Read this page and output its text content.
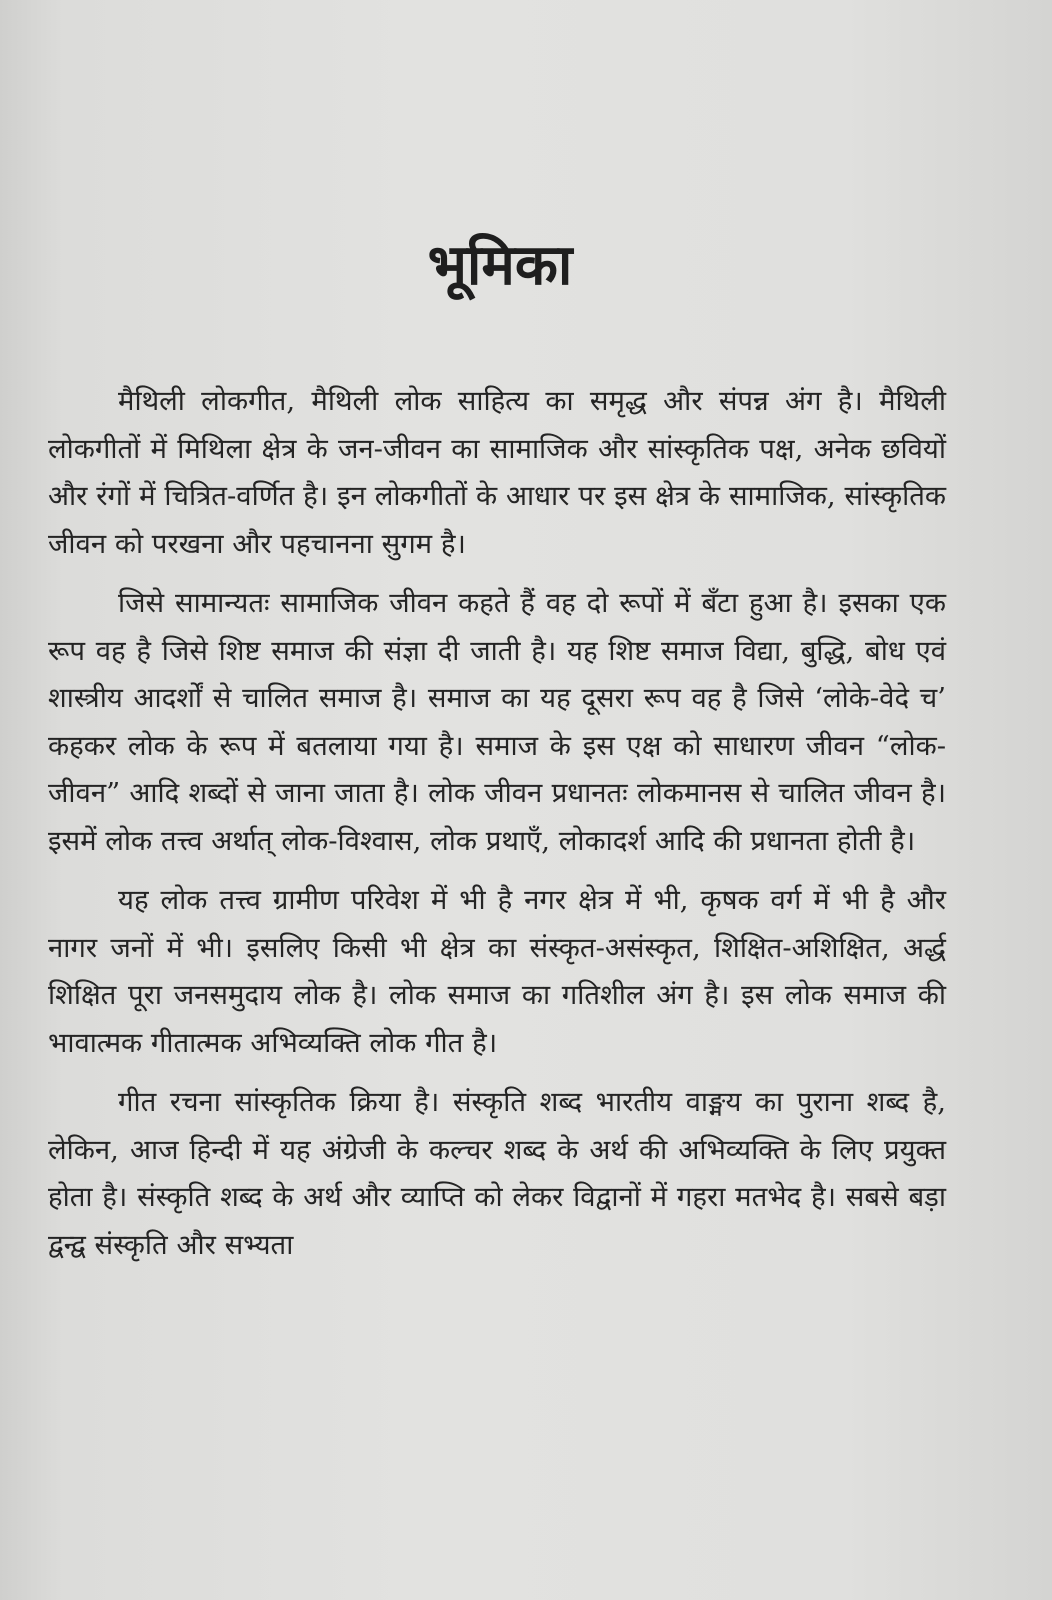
भूमिका

मैथिली लोकगीत, मैथिली लोक साहित्य का समृद्ध और संपन्न अंग है। मैथिली लोकगीतों में मिथिला क्षेत्र के जन-जीवन का सामाजिक और सांस्कृतिक पक्ष, अनेक छवियों और रंगों में चित्रित-वर्णित है। इन लोकगीतों के आधार पर इस क्षेत्र के सामाजिक, सांस्कृतिक जीवन को परखना और पहचानना सुगम है।

जिसे सामान्यतः सामाजिक जीवन कहते हैं वह दो रूपों में बँटा हुआ है। इसका एक रूप वह है जिसे शिष्ट समाज की संज्ञा दी जाती है। यह शिष्ट समाज विद्या, बुद्धि, बोध एवं शास्त्रीय आदर्शों से चालित समाज है। समाज का यह दूसरा रूप वह है जिसे ‘लोके-वेदे च’ कहकर लोक के रूप में बतलाया गया है। समाज के इस एक्ष को साधारण जीवन “लोक-जीवन” आदि शब्दों से जाना जाता है। लोक जीवन प्रधानतः लोकमानस से चालित जीवन है। इसमें लोक तत्त्व अर्थात् लोक-विश्वास, लोक प्रथाएँ, लोकादर्श आदि की प्रधानता होती है।

यह लोक तत्त्व ग्रामीण परिवेश में भी है नगर क्षेत्र में भी, कृषक वर्ग में भी है और नागर जनों में भी। इसलिए किसी भी क्षेत्र का संस्कृत-असंस्कृत, शिक्षित-अशिक्षित, अर्द्ध शिक्षित पूरा जनसमुदाय लोक है। लोक समाज का गतिशील अंग है। इस लोक समाज की भावात्मक गीतात्मक अभिव्यक्ति लोक गीत है।

गीत रचना सांस्कृतिक क्रिया है। संस्कृति शब्द भारतीय वाङ्मय का पुराना शब्द है, लेकिन, आज हिन्दी में यह अंग्रेजी के कल्चर शब्द के अर्थ की अभिव्यक्ति के लिए प्रयुक्त होता है। संस्कृति शब्द के अर्थ और व्याप्ति को लेकर विद्वानों में गहरा मतभेद है। सबसे बड़ा द्वन्द्व संस्कृति और सभ्यता
